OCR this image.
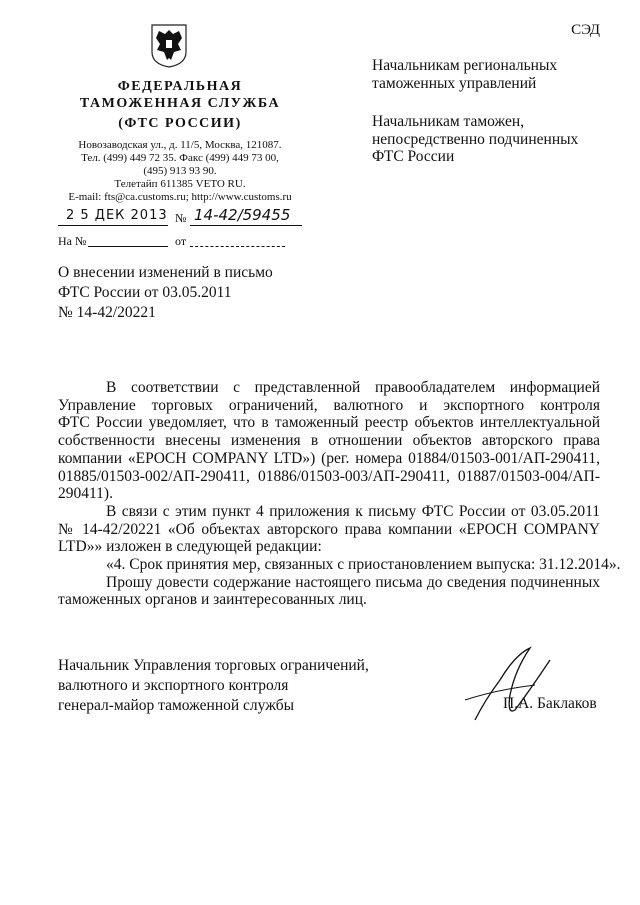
СЭД
ФЕДЕРАЛЬНАЯ
ТАМОЖЕННАЯ СЛУЖБА
(ФТС РОССИИ)
Новозаводская ул., д. 11/5, Москва, 121087.
Тел. (499) 449 72 35. Факс (499) 449 73 00,
(495) 913 93 90.
Телетайп 611385 VETO RU.
E-mail: fts@ca.customs.ru; http://www.customs.ru
2 5 ДЕК 2013 № 14-42/59455
На №	от
Начальникам региональных
таможенных управлений
Начальникам таможен,
непосредственно подчиненных
ФТС России
О внесении изменений в письмо
ФТС России от 03.05.2011
№ 14-42/20221
В соответствии с представленной правообладателем информацией
Управление торговых ограничений, валютного и экспортного контроля
ФТС России уведомляет, что в таможенный реестр объектов интеллектуальной
собственности внесены изменения в отношении объектов авторского права
компании «EPOCH COMPANY LTD») (рег. номера 01884/01503-001/АП-290411,
01885/01503-002/АП-290411, 01886/01503-003/АП-290411, 01887/01503-004/АП-
290411).
В связи с этим пункт 4 приложения к письму ФТС России от 03.05.2011
№ 14-42/20221 «Об объектах авторского права компании «EPOCH COMPANY
LTD»» изложен в следующей редакции:
«4. Срок принятия мер, связанных с приостановлением выпуска: 31.12.2014».
Прошу довести содержание настоящего письма до сведения подчиненных
таможенных органов и заинтересованных лиц.
Начальник Управления торговых ограничений,
валютного и экспортного контроля
генерал-майор таможенной службы	П.А. Баклаков
